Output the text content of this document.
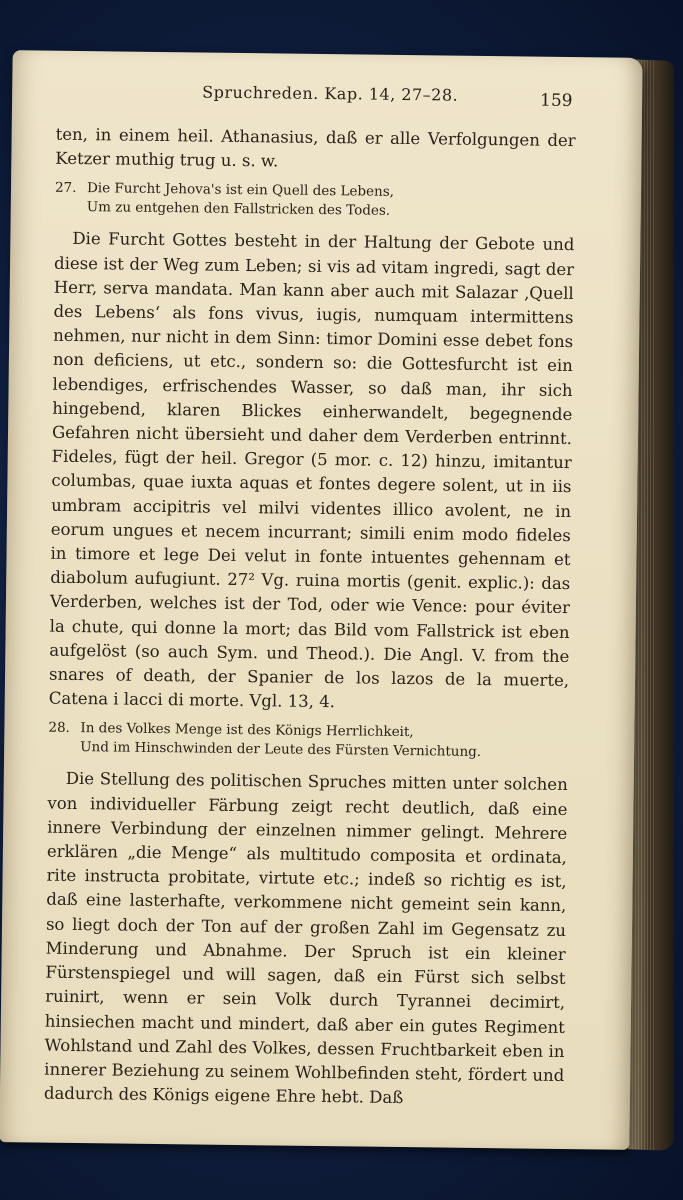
Spruchreden. Kap. 14, 27–28.	159

ten, in einem heil. Athanasius, daß er alle Verfolgungen der Ketzer muthig trug u. s. w.

27. Die Furcht Jehova's ist ein Quell des Lebens,
Um zu entgehen den Fallstricken des Todes.

Die Furcht Gottes besteht in der Haltung der Gebote und diese ist der Weg zum Leben; si vis ad vitam ingredi, sagt der Herr, serva mandata. Man kann aber auch mit Salazar ‚Quell des Lebens‘ als fons vivus, iugis, numquam intermittens nehmen, nur nicht in dem Sinn: timor Domini esse debet fons non deficiens, ut etc., sondern so: die Gottesfurcht ist ein lebendiges, erfrischendes Wasser, so daß man, ihr sich hingebend, klaren Blickes einherwandelt, begegnende Gefahren nicht übersieht und daher dem Verderben entrinnt. Fideles, fügt der heil. Gregor (5 mor. c. 12) hinzu, imitantur columbas, quae iuxta aquas et fontes degere solent, ut in iis umbram accipitris vel milvi videntes illico avolent, ne in eorum ungues et necem incurrant; simili enim modo fideles in timore et lege Dei velut in fonte intuentes gehennam et diabolum aufugiunt. 27² Vg. ruina mortis (genit. explic.): das Verderben, welches ist der Tod, oder wie Vence: pour éviter la chute, qui donne la mort; das Bild vom Fallstrick ist eben aufgelöst (so auch Sym. und Theod.). Die Angl. V. from the snares of death, der Spanier de los lazos de la muerte, Catena i lacci di morte. Vgl. 13, 4.

28. In des Volkes Menge ist des Königs Herrlichkeit,
Und im Hinschwinden der Leute des Fürsten Vernichtung.

Die Stellung des politischen Spruches mitten unter solchen von individueller Färbung zeigt recht deutlich, daß eine innere Verbindung der einzelnen nimmer gelingt. Mehrere erklären „die Menge“ als multitudo composita et ordinata, rite instructa probitate, virtute etc.; indeß so richtig es ist, daß eine lasterhafte, verkommene nicht gemeint sein kann, so liegt doch der Ton auf der großen Zahl im Gegensatz zu Minderung und Abnahme. Der Spruch ist ein kleiner Fürstenspiegel und will sagen, daß ein Fürst sich selbst ruinirt, wenn er sein Volk durch Tyrannei decimirt, hinsiechen macht und mindert, daß aber ein gutes Regiment Wohlstand und Zahl des Volkes, dessen Fruchtbarkeit eben in innerer Beziehung zu seinem Wohlbefinden steht, fördert und dadurch des Königs eigene Ehre hebt. Daß
